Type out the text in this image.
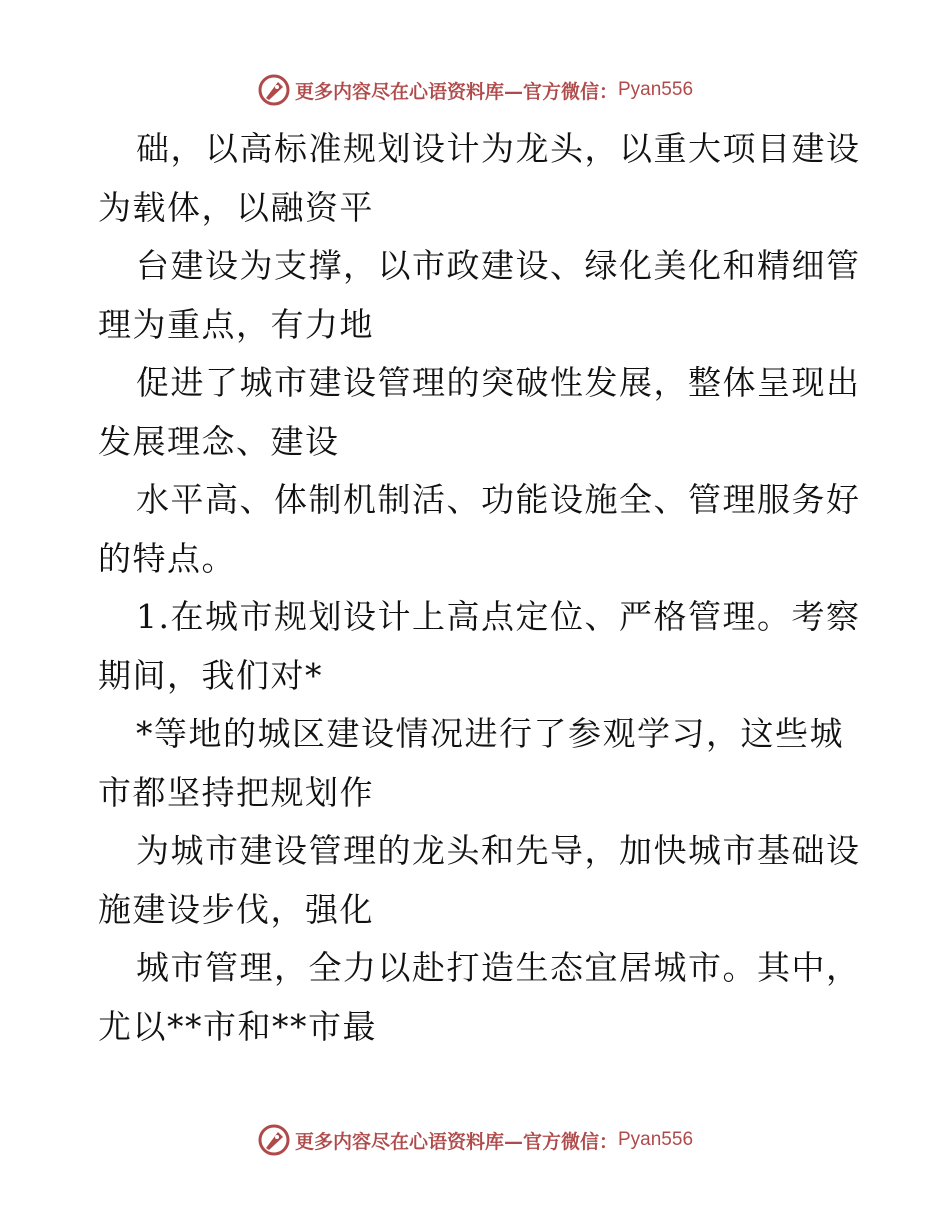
更多内容尽在心语资料库—官方微信： Pyan556

础，以高标准规划设计为龙头，以重大项目建设
为载体，以融资平

台建设为支撑，以市政建设、绿化美化和精细管
理为重点，有力地

促进了城市建设管理的突破性发展，整体呈现出
发展理念、建设

水平高、体制机制活、功能设施全、管理服务好
的特点。

1.在城市规划设计上高点定位、严格管理。考察
期间，我们对*

*等地的城区建设情况进行了参观学习，这些城
市都坚持把规划作

为城市建设管理的龙头和先导，加快城市基础设
施建设步伐，强化

城市管理，全力以赴打造生态宜居城市。其中，
尤以**市和**市最

更多内容尽在心语资料库—官方微信： Pyan556
